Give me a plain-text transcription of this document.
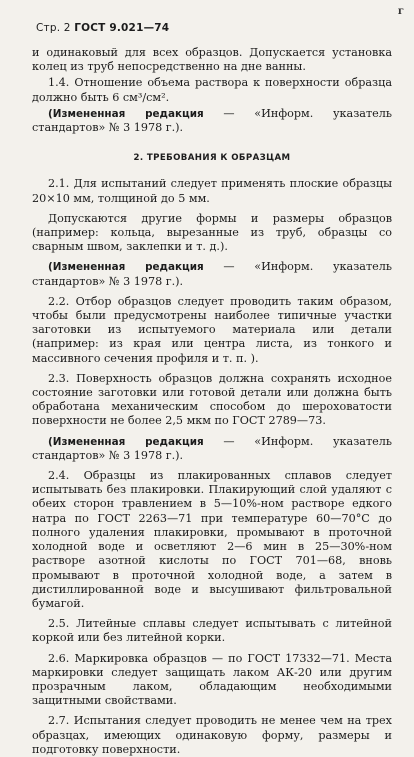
г
Стр. 2 ГОСТ 9.021—74

и одинаковый для всех образцов. Допускается установка колец из труб непосредственно на дне ванны.

1.4. Отношение объема раствора к поверхности образца должно быть 6 см³/см².

(Измененная редакция — «Информ. указатель стандартов» № 3 1978 г.).

2. ТРЕБОВАНИЯ К ОБРАЗЦАМ

2.1. Для испытаний следует применять плоские образцы 20×10 мм, толщиной до 5 мм.

Допускаются другие формы и размеры образцов (например: кольца, вырезанные из труб, образцы со сварным швом, заклепки и т. д.).

(Измененная редакция — «Информ. указатель стандартов» № 3 1978 г.).

2.2. Отбор образцов следует проводить таким образом, чтобы были предусмотрены наиболее типичные участки заготовки из испытуемого материала или детали (например: из края или центра листа, из тонкого и массивного сечения профиля и т. п. ).

2.3. Поверхность образцов должна сохранять исходное состояние заготовки или готовой детали или должна быть обработана механическим способом до шероховатости поверхности не более 2,5 мкм по ГОСТ 2789—73.

(Измененная редакция — «Информ. указатель стандартов» № 3 1978 г.).

2.4. Образцы из плакированных сплавов следует испытывать без плакировки. Плакирующий слой удаляют с обеих сторон травлением в 5—10%-ном растворе едкого натра по ГОСТ 2263—71 при температуре 60—70°С до полного удаления плакировки, промывают в проточной холодной воде и осветляют 2—6 мин в 25—30%-ном растворе азотной кислоты по ГОСТ 701—68, вновь промывают в проточной холодной воде, а затем в дистиллированной воде и высушивают фильтровальной бумагой.

2.5. Литейные сплавы следует испытывать с литейной коркой или без литейной корки.

2.6. Маркировка образцов — по ГОСТ 17332—71. Места маркировки следует защищать лаком АК-20 или другим прозрачным лаком, обладающим необходимыми защитными свойствами.

2.7. Испытания следует проводить не менее чем на трех образцах, имеющих одинаковую форму, размеры и подготовку поверхности.
